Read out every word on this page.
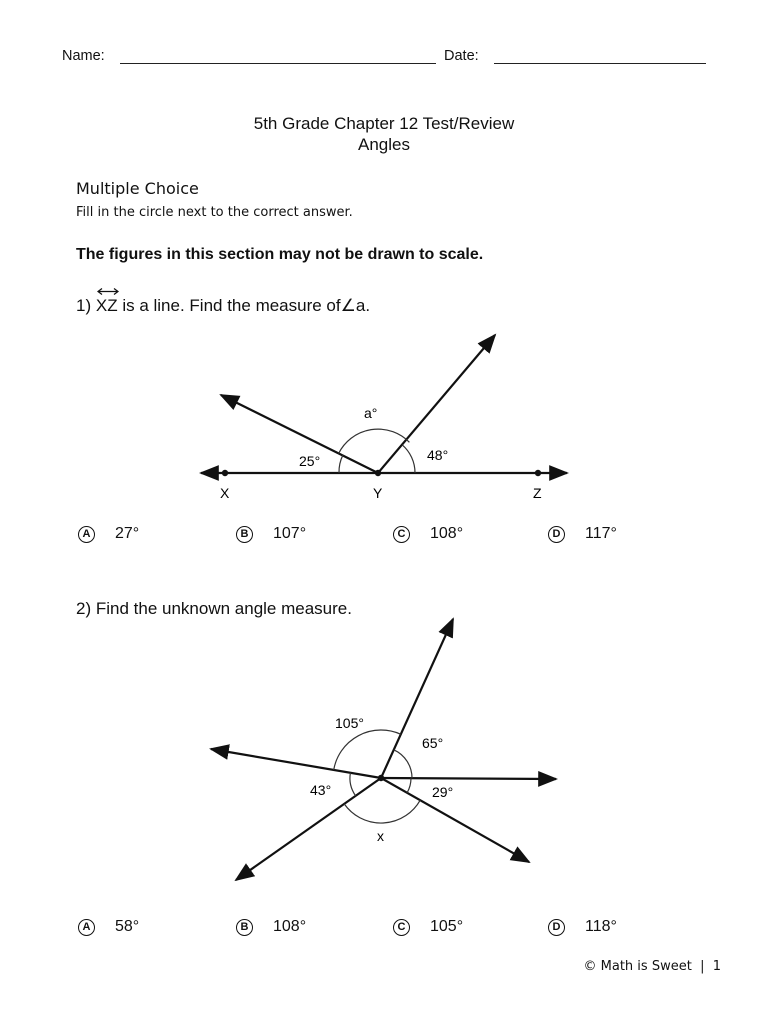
Name:	Date:
5th Grade Chapter 12 Test/Review
Angles
Multiple Choice
Fill in the circle next to the correct answer.
The figures in this section may not be drawn to scale.
1) XZ is a line. Find the measure of∠a.
a°
25°	48°
X	Y	Z
105°
65°
43°	29°
x
A 27°	B 107°	C 108°	D 117°
2) Find the unknown angle measure.
A 58°	B 108°	C 105°	D 118°
© Math is Sweet | 1
